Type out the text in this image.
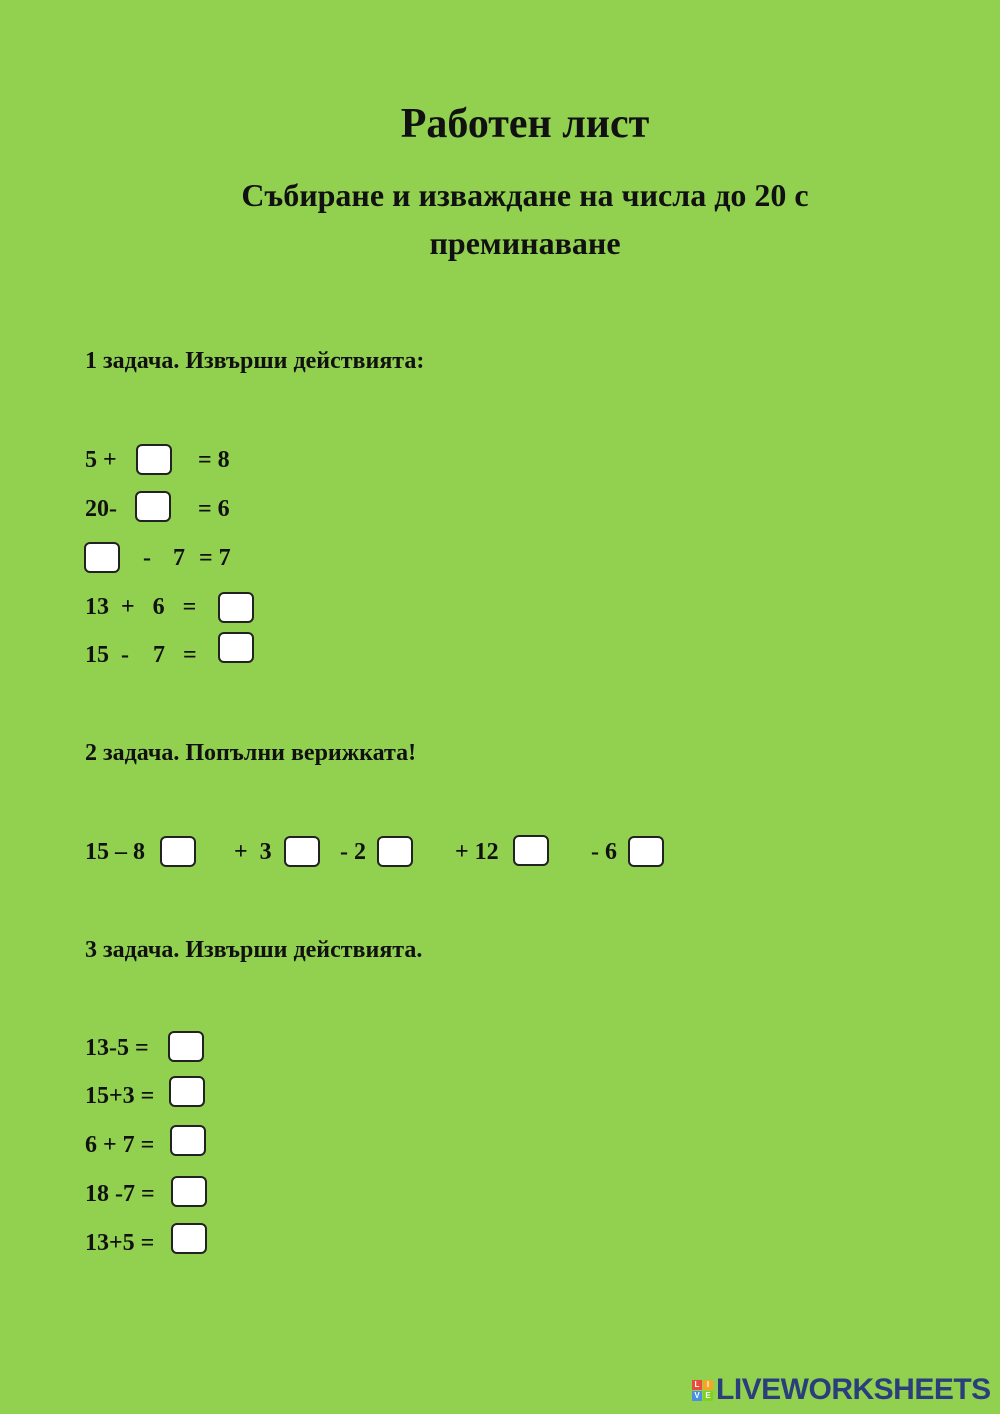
Работен лист
Събиране и изваждане на числа до 20 с
преминаване
1 задача. Извърши действията:
5 +	= 8
20-	= 6
- 7 = 7
13  +   6   =
15  -    7   =
2 задача. Попълни верижката!
15 – 8	+  3	- 2	+ 12	- 6
3 задача. Извърши действията.
13-5 =
15+3 =
6 + 7 =
18 -7 =
13+5 =
L I
V E LIVEWORKSHEETS
